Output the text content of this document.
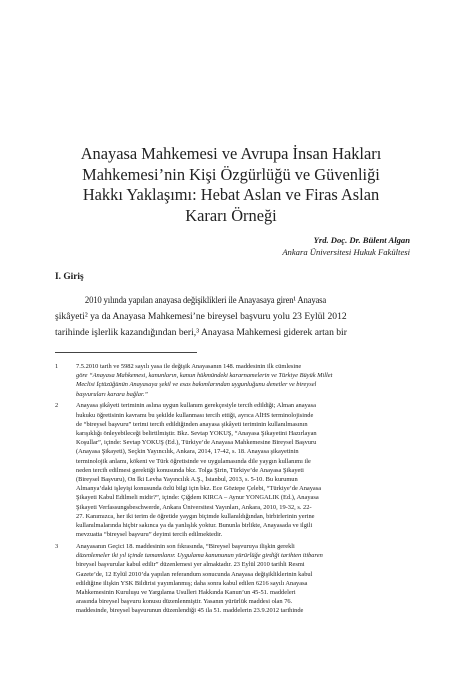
Anayasa Mahkemesi ve Avrupa İnsan Hakları
Mahkemesi’nin Kişi Özgürlüğü ve Güvenliği
Hakkı Yaklaşımı: Hebat Aslan ve Firas Aslan
Kararı Örneği
Yrd. Doç. Dr. Bülent Algan
Ankara Üniversitesi Hukuk Fakültesi
I. Giriş
2010 yılında yapılan anayasa değişiklikleri ile Anayasaya giren¹ Anayasa
şikâyeti² ya da Anayasa Mahkemesi’ne bireysel başvuru yolu 23 Eylül 2012
tarihinde işlerlik kazandığından beri,³ Anayasa Mahkemesi giderek artan bir
1	7.5.2010 tarih ve 5982 sayılı yasa ile değişik Anayasanın 148. maddesinin ilk cümlesine
göre “Anayasa Mahkemesi, kanunların, kanun hükmündeki kararnamelerin ve Türkiye Büyük Millet
Meclisi İçtüzüğünün Anayasaya şekil ve esas bakımlarından uygunluğunu denetler ve bireysel
başvuruları karara bağlar.”
2	Anayasa şikâyeti teriminin aslına uygun kullanım gerekçesiyle tercih edildiği; Alman anayasa
hukuku öğretisinin kavramı bu şekilde kullanması tercih ettiği, ayrıca AİHS terminolojisinde
de “bireysel başvuru” terimi tercih edildiğinden anayasa şikâyeti teriminin kullanılmasının
karışıklığı önleyebileceği belirtilmiştir. Bkz. Sevtap YOKUŞ, “Anayasa Şikayetini Hazırlayan
Koşullar”, içinde: Sevtap YOKUŞ (Ed.), Türkiye’de Anayasa Mahkemesine Bireysel Başvuru
(Anayasa Şikayeti), Seçkin Yayıncılık, Ankara, 2014, 17-42, s. 18. Anayasa şikayetinin
terminolojik anlamı, kökeni ve Türk öğretisinde ve uygulamasında dile yaygın kullanımı ile
neden tercih edilmesi gerektiği konusunda bkz. Tolga Şirin, Türkiye’de Anayasa Şikayeti
(Bireysel Başvuru), On İki Levha Yayıncılık A.Ş., İstanbul, 2013, s. 5-10. Bu kurumun
Almanya’daki işleyişi konusunda özlü bilgi için bkz. Ece Göztepe Çelebi, “Türkiye’de Anayasa
Şikayeti Kabul Edilmeli midir?”, içinde: Çiğdem KIRCA – Aynur YONGALIK (Ed.), Anayasa
Şikayeti Verfassungsbeschwerde, Ankara Üniversitesi Yayınları, Ankara, 2010, 19-32, s. 22-
27. Kanımızca, her iki terim de öğretide yaygın biçimde kullanıldığından, birbirlerinin yerine
kullanılmalarında hiçbir sakınca ya da yanlışlık yoktur. Bununla birlikte, Anayasada ve ilgili
mevzuatta “bireysel başvuru” deyimi tercih edilmektedir.
3	Anayasanın Geçici 18. maddesinin son fıkrasında, “Bireysel başvuruya ilişkin gerekli
düzenlemeler iki yıl içinde tamamlanır. Uygulama kanununun yürürlüğe girdiği tarihten itibaren
bireysel başvurular kabul edilir” düzenlemesi yer almaktadır. 23 Eylül 2010 tarihli Resmi
Gazete’de, 12 Eylül 2010’da yapılan referandum sonucunda Anayasa değişikliklerinin kabul
edildiğine ilişkin YSK Bildirisi yayımlanmış; daha sonra kabul edilen 6216 sayılı Anayasa
Mahkemesinin Kuruluşu ve Yargılama Usulleri Hakkında Kanun’un 45-51. maddeleri
arasında bireysel başvuru konusu düzenlenmiştir. Yasanın yürürlük maddesi olan 76.
maddesinde, bireysel başvurunun düzenlendiği 45 ila 51. maddelerin 23.9.2012 tarihinde
